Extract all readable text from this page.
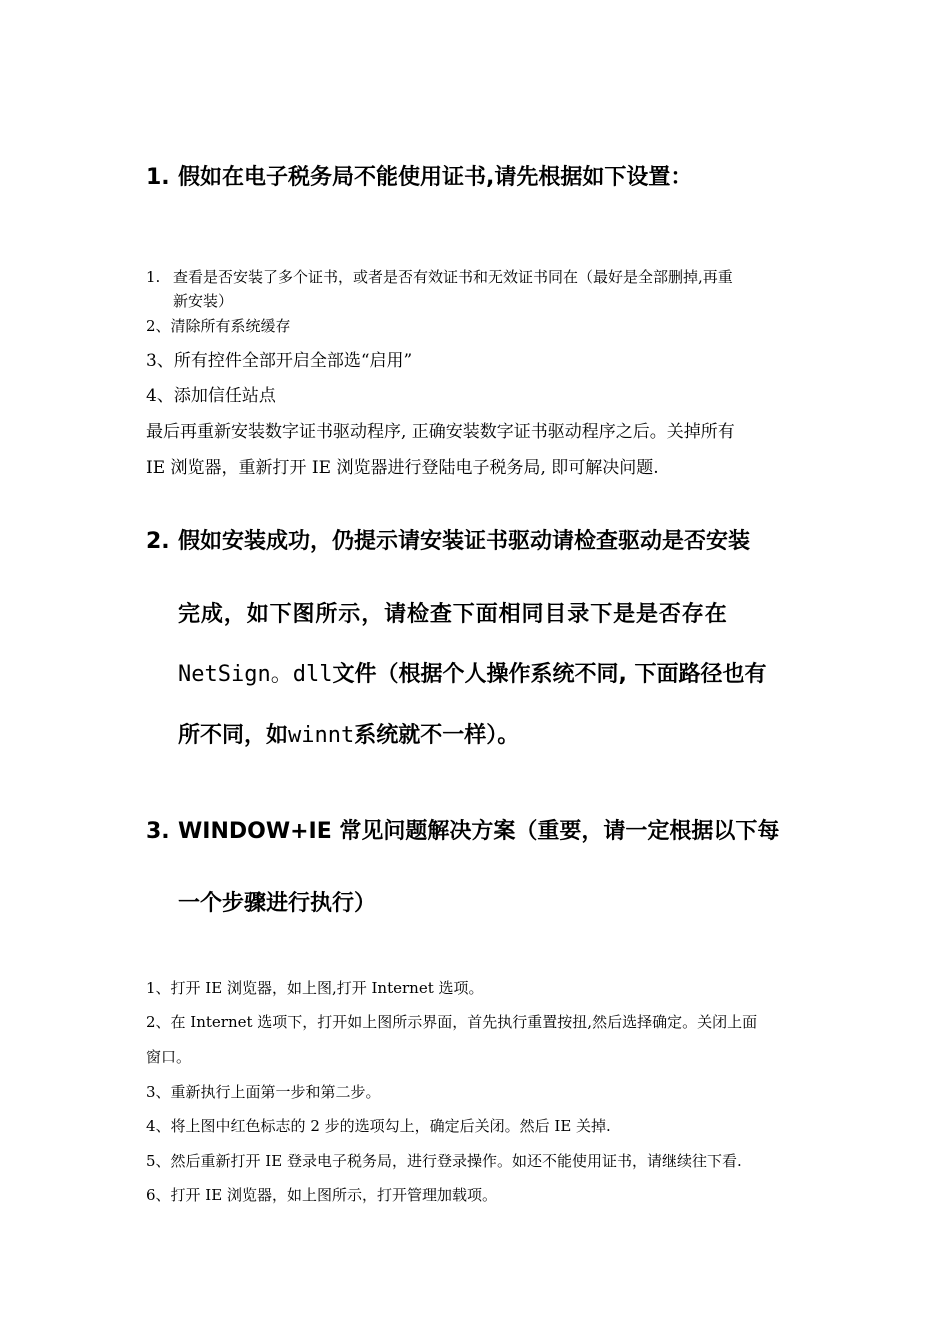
1. 假如在电子税务局不能使用证书,请先根据如下设置：
1. 查看是否安装了多个证书，或者是否有效证书和无效证书同在（最好是全部删掉,再重
新安装）
2、清除所有系统缓存
3、所有控件全部开启全部选“启用”
4、添加信任站点
最后再重新安装数字证书驱动程序, 正确安装数字证书驱动程序之后。关掉所有
IE 浏览器，重新打开 IE 浏览器进行登陆电子税务局, 即可解决问题.
2. 假如安装成功，仍提示请安装证书驱动请检查驱动是否安装
完成，如下图所示，请检查下面相同目录下是是否存在
NetSign。dll文件（根据个人操作系统不同, 下面路径也有
所不同，如winnt系统就不一样）。
3. WINDOW+IE 常见问题解决方案（重要，请一定根据以下每
一个步骤进行执行）
1、打开 IE 浏览器，如上图,打开 Internet 选项。
2、在 Internet 选项下，打开如上图所示界面，首先执行重置按扭,然后选择确定。关闭上面
窗口。
3、重新执行上面第一步和第二步。
4、将上图中红色标志的 2 步的选项勾上，确定后关闭。然后 IE 关掉.
5、然后重新打开 IE 登录电子税务局，进行登录操作。如还不能使用证书，请继续往下看.
6、打开 IE 浏览器，如上图所示，打开管理加载项。
